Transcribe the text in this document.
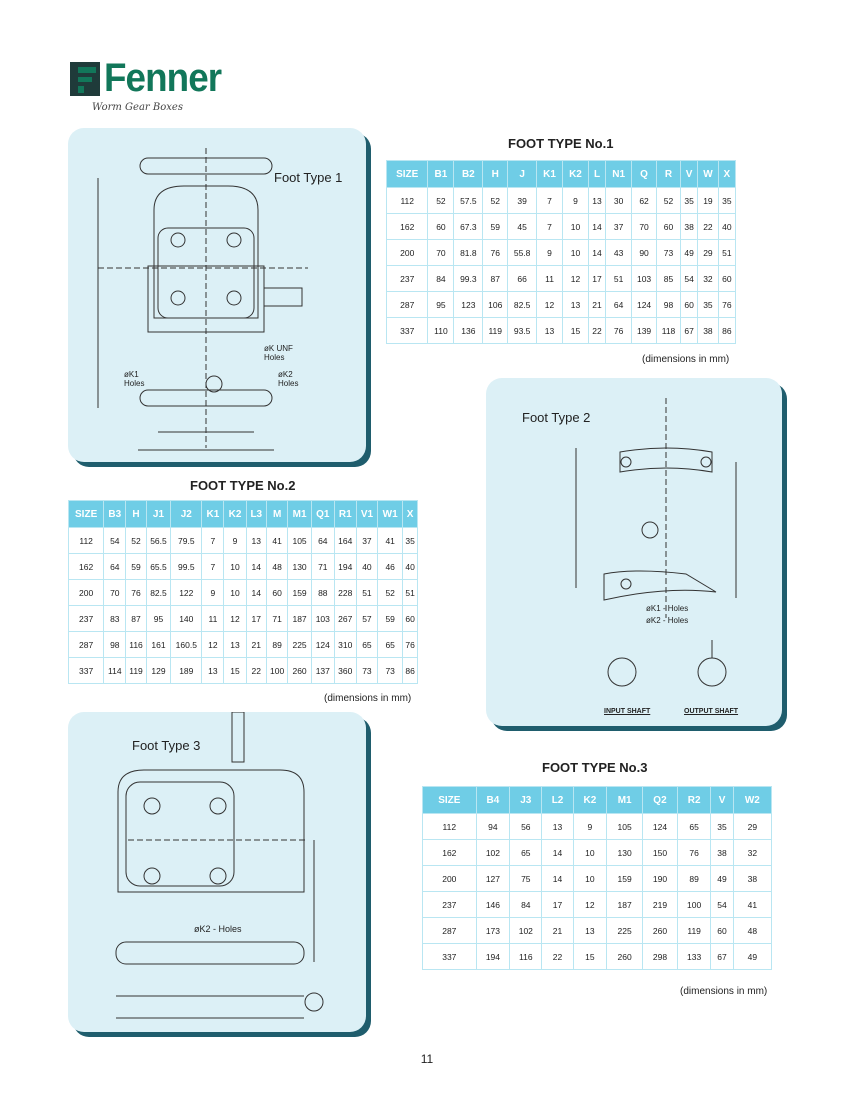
Fenner
Worm Gear Boxes
Foot Type 1
øK UNF Holes
øK1 Holes
øK2 Holes
FOOT TYPE No.1
SIZE	B1	B2	H	J	K1	K2	L	N1	Q	R	V	W	X
112	52	57.5	52	39	7	9	13	30	62	52	35	19	35
162	60	67.3	59	45	7	10	14	37	70	60	38	22	40
200	70	81.8	76	55.8	9	10	14	43	90	73	49	29	51
237	84	99.3	87	66	11	12	17	51	103	85	54	32	60
287	95	123	106	82.5	12	13	21	64	124	98	60	35	76
337	110	136	119	93.5	13	15	22	76	139	118	67	38	86
(dimensions in mm)
Foot Type 2
øK1 - Holes
øK2 - Holes
INPUT SHAFT	OUTPUT SHAFT
FOOT TYPE No.2
SIZE	B3	H	J1	J2	K1	K2	L3	M	M1	Q1	R1	V1	W1	X
112	54	52	56.5	79.5	7	9	13	41	105	64	164	37	41	35
162	64	59	65.5	99.5	7	10	14	48	130	71	194	40	46	40
200	70	76	82.5	122	9	10	14	60	159	88	228	51	52	51
237	83	87	95	140	11	12	17	71	187	103	267	57	59	60
287	98	116	161	160.5	12	13	21	89	225	124	310	65	65	76
337	114	119	129	189	13	15	22	100	260	137	360	73	73	86
(dimensions in mm)
Foot Type 3
øK2 - Holes
FOOT TYPE No.3
SIZE	B4	J3	L2	K2	M1	Q2	R2	V	W2
112	94	56	13	9	105	124	65	35	29
162	102	65	14	10	130	150	76	38	32
200	127	75	14	10	159	190	89	49	38
237	146	84	17	12	187	219	100	54	41
287	173	102	21	13	225	260	119	60	48
337	194	116	22	15	260	298	133	67	49
(dimensions in mm)
11
